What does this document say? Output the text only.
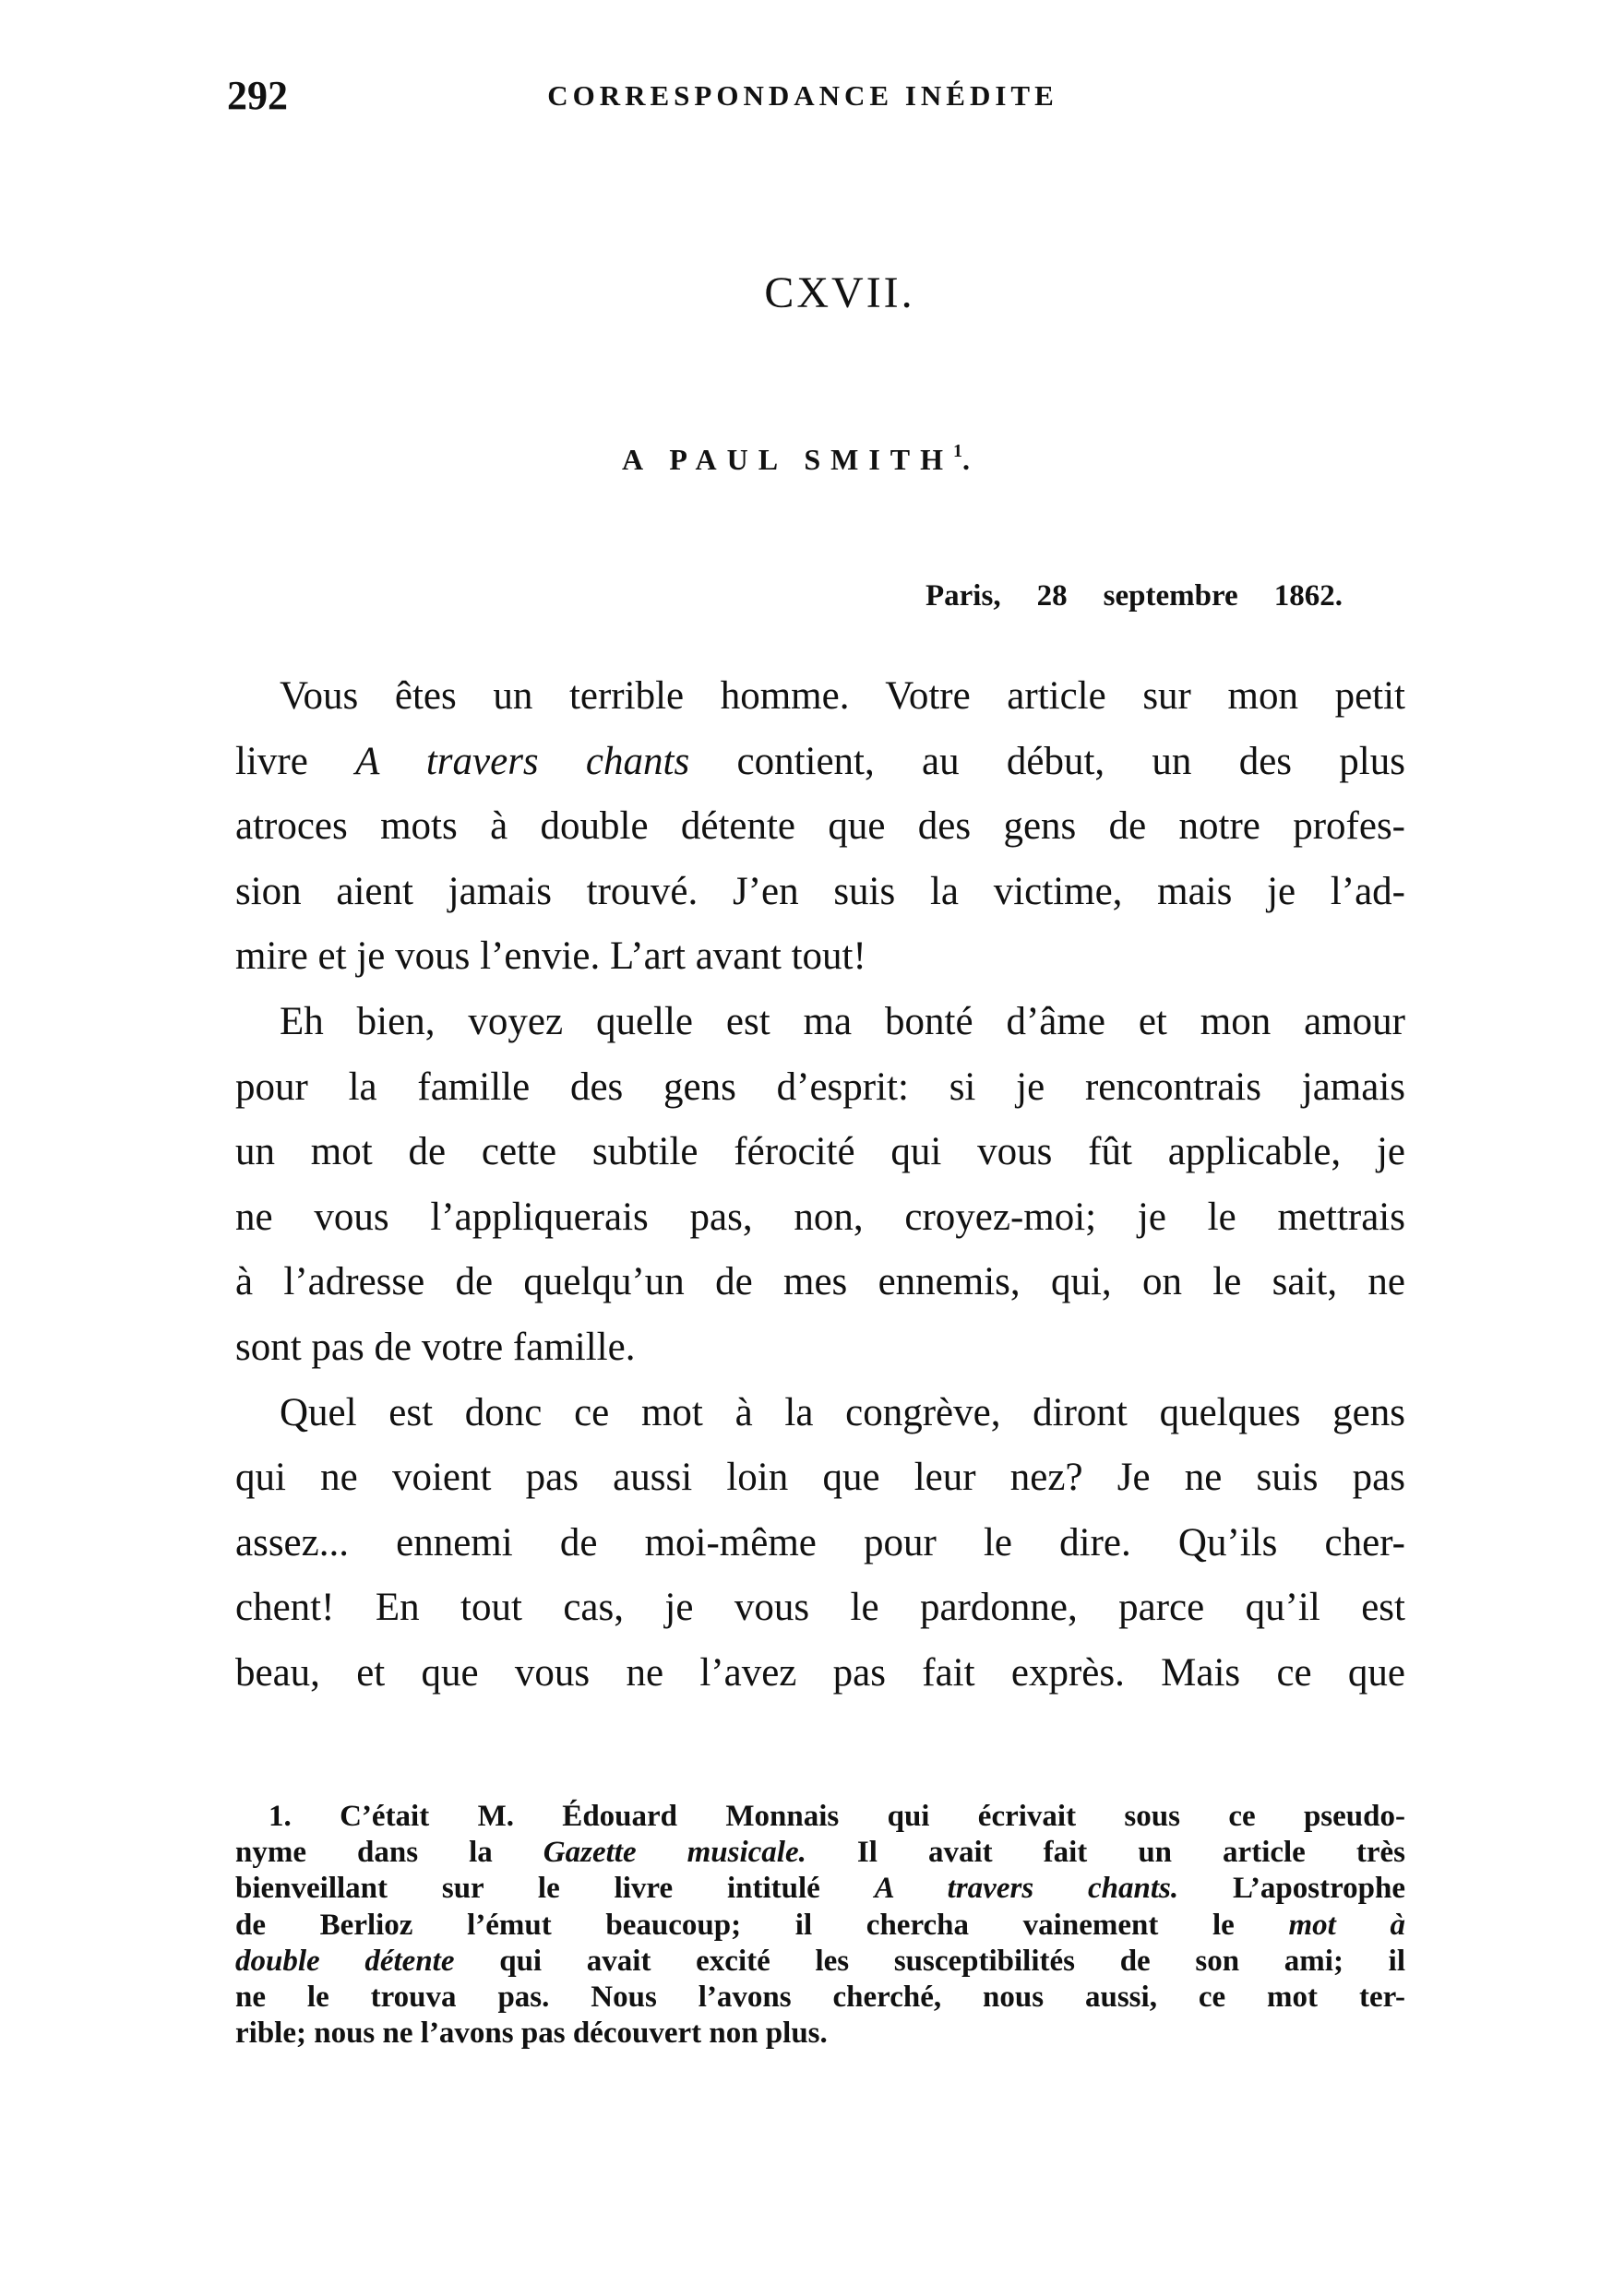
292	CORRESPONDANCE INÉDITE
CXVII.
A PAUL SMITH$^1$.
Paris, 28 septembre 1862.
Vous êtes un terrible homme. Votre article sur mon petit
livre A travers chants contient, au début, un des plus
atroces mots à double détente que des gens de notre profes-
sion aient jamais trouvé. J’en suis la victime, mais je l’ad-
mire et je vous l’envie. L’art avant tout!
Eh bien, voyez quelle est ma bonté d’âme et mon amour
pour la famille des gens d’esprit: si je rencontrais jamais
un mot de cette subtile férocité qui vous fût applicable, je
ne vous l’appliquerais pas, non, croyez-moi; je le mettrais
à l’adresse de quelqu’un de mes ennemis, qui, on le sait, ne
sont pas de votre famille.
Quel est donc ce mot à la congrève, diront quelques gens
qui ne voient pas aussi loin que leur nez? Je ne suis pas
assez... ennemi de moi-même pour le dire. Qu’ils cher-
chent! En tout cas, je vous le pardonne, parce qu’il est
beau, et que vous ne l’avez pas fait exprès. Mais ce que
1. C’était M. Édouard Monnais qui écrivait sous ce pseudo-
nyme dans la Gazette musicale. Il avait fait un article très
bienveillant sur le livre intitulé A travers chants. L’apostrophe
de Berlioz l’émut beaucoup; il chercha vainement le mot à
double détente qui avait excité les susceptibilités de son ami; il
ne le trouva pas. Nous l’avons cherché, nous aussi, ce mot ter-
rible; nous ne l’avons pas découvert non plus.
